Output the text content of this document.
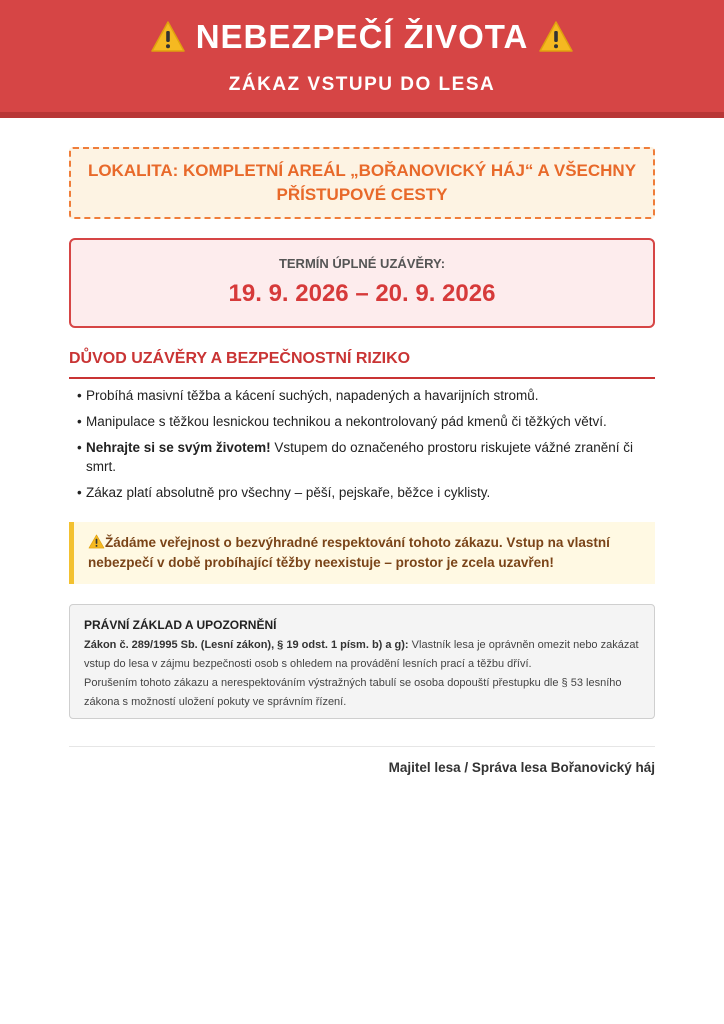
NEBEZPEČÍ ŽIVOTA
ZÁKAZ VSTUPU DO LESA
LOKALITA: KOMPLETNÍ AREÁL „BOŘANOVICKÝ HÁJ“ A VŠECHNY PŘÍSTUPOVÉ CESTY
TERMÍN ÚPLNÉ UZÁVĚRY:
19. 9. 2026 – 20. 9. 2026
DŮVOD UZÁVĚRY A BEZPEČNOSTNÍ RIZIKO
• Probíhá masivní těžba a kácení suchých, napadených a havarijních stromů.
• Manipulace s těžkou lesnickou technikou a nekontrolovaný pád kmenů či těžkých větví.
• Nehrajte si se svým životem! Vstupem do označeného prostoru riskujete vážné zranění či smrt.
• Zákaz platí absolutně pro všechny – pěší, pejskaře, běžce i cyklisty.
Žádáme veřejnost o bezvýhradné respektování tohoto zákazu. Vstup na vlastní nebezpečí v době probíhající těžby neexistuje – prostor je zcela uzavřen!
PRÁVNÍ ZÁKLAD A UPOZORNĚNÍ
Zákon č. 289/1995 Sb. (Lesní zákon), § 19 odst. 1 písm. b) a g): Vlastník lesa je oprávněn omezit nebo zakázat vstup do lesa v zájmu bezpečnosti osob s ohledem na provádění lesních prací a těžbu dříví.
Porušením tohoto zákazu a nerespektováním výstražných tabulí se osoba dopouští přestupku dle § 53 lesního zákona s možností uložení pokuty ve správním řízení.
Majitel lesa / Správa lesa Bořanovický háj
